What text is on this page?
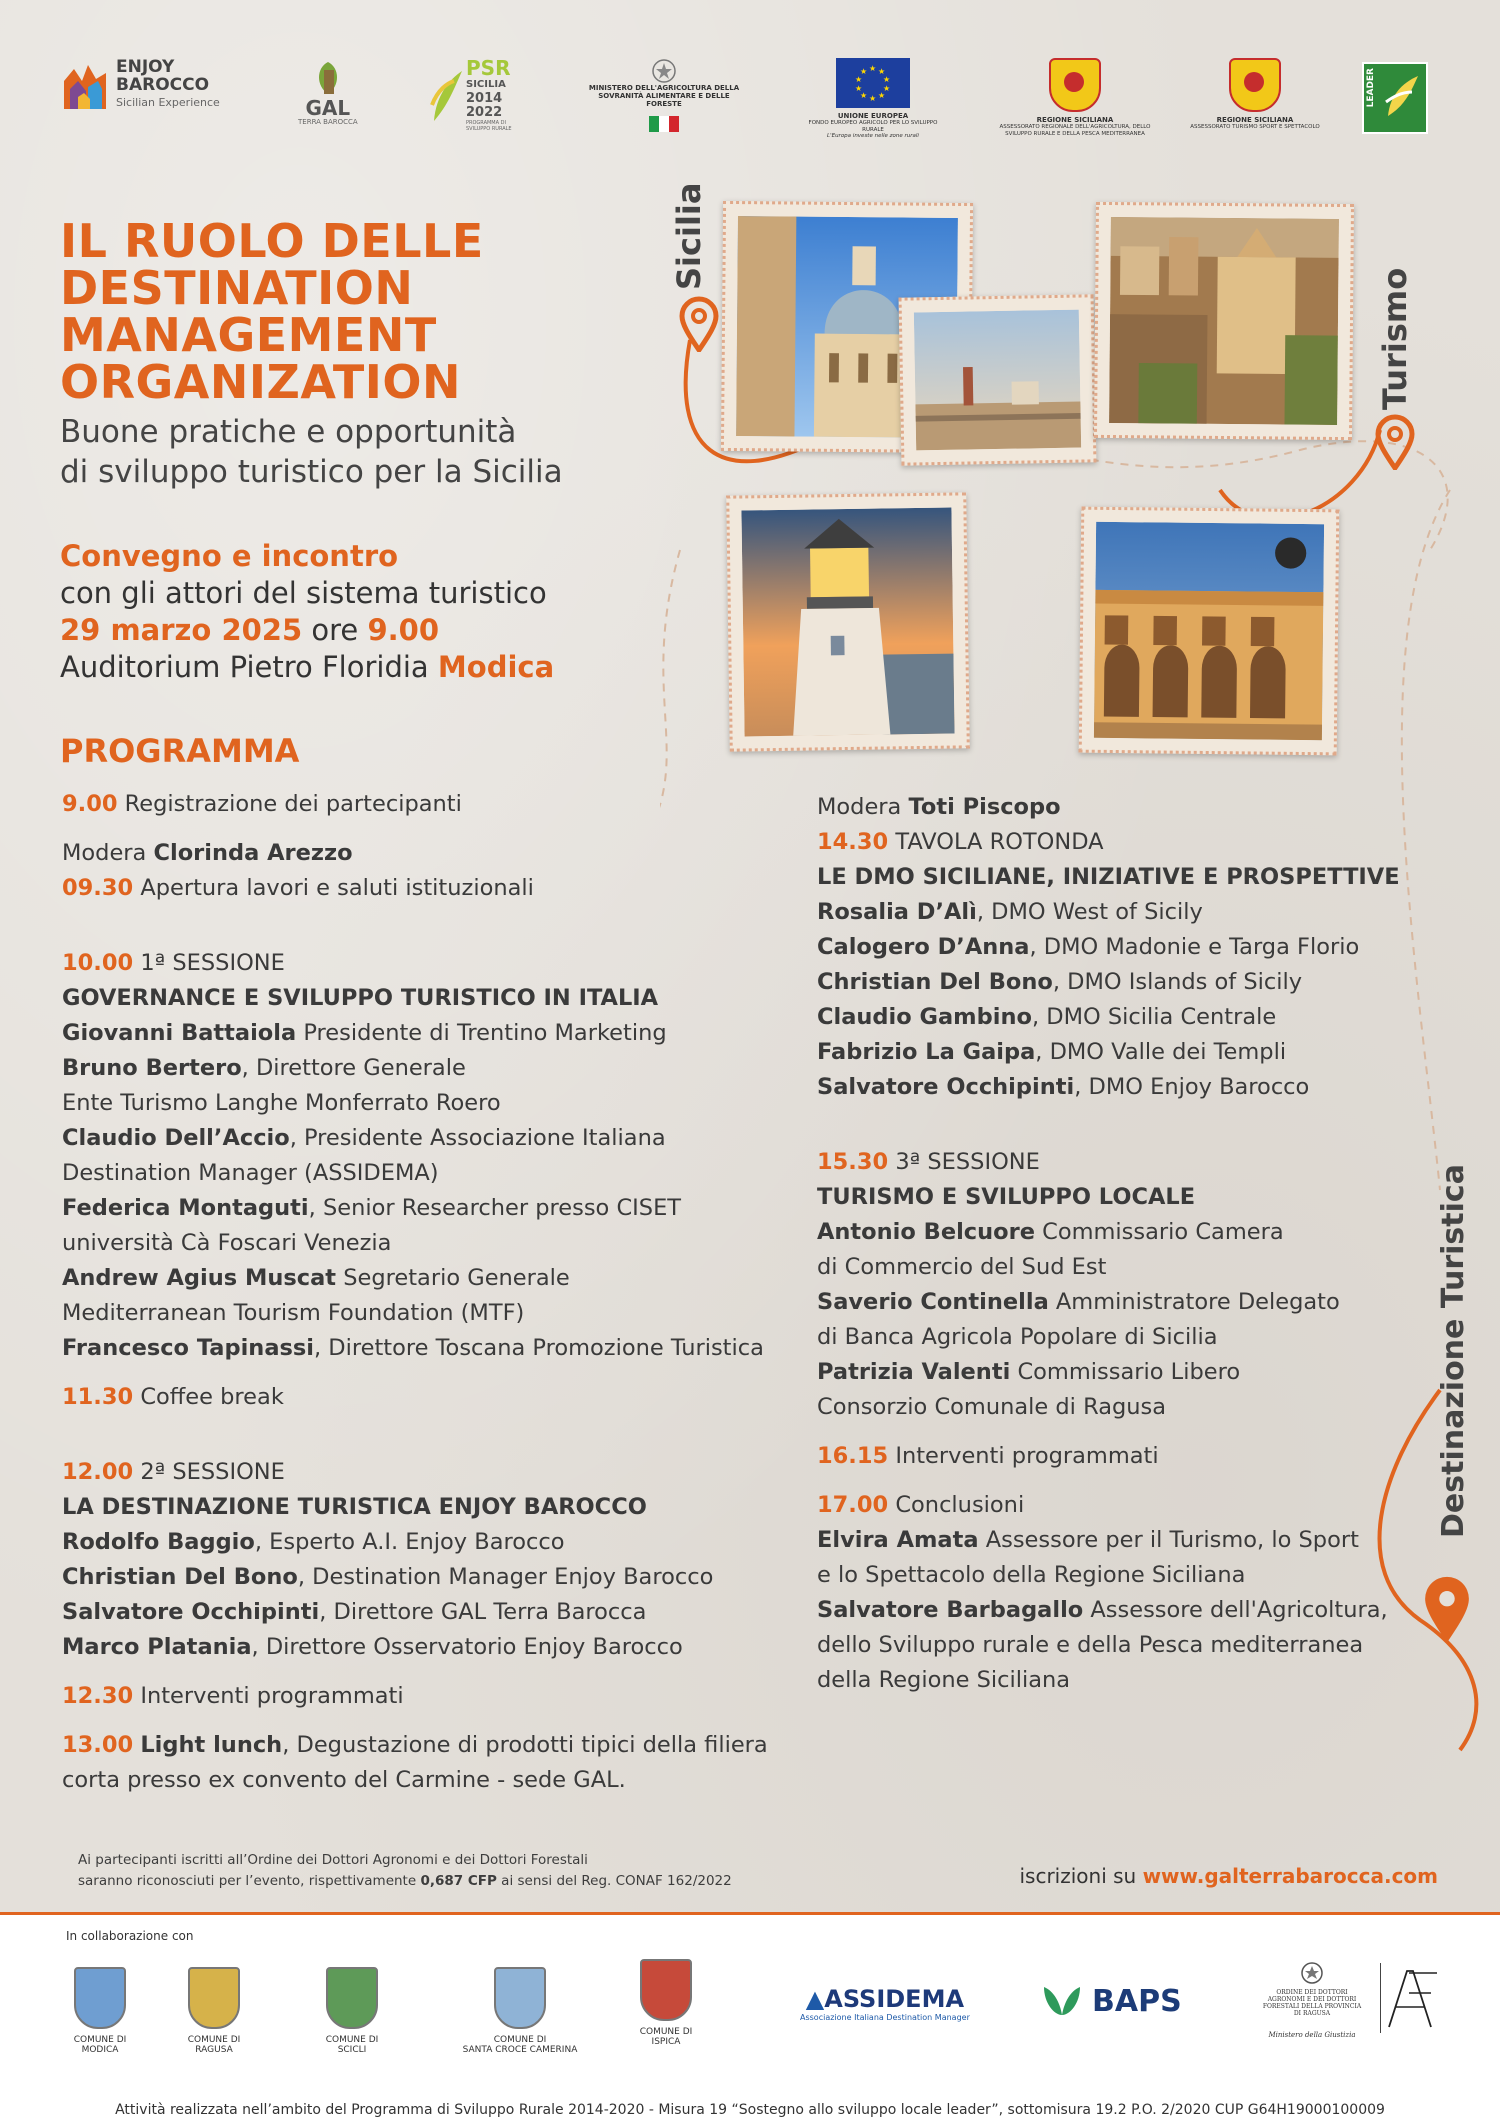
ENJOY
BAROCCO
Sicilian Experience	GAL
TERRA BAROCCA
PSR
SICILIA
2014
2022
PROGRAMMA DI SVILUPPO RURALE
MINISTERO DELL'AGRICOLTURA DELLA SOVRANITÀ ALIMENTARE E DELLE FORESTE
★ ★
★
★
★
★
★
★
★
★
UNIONE EUROPEA
FONDO EUROPEO AGRICOLO PER LO SVILUPPO RURALE
L'Europa investe nelle zone rurali
REGIONE SICILIANA
ASSESSORATO REGIONALE DELL'AGRICOLTURA, DELLO SVILUPPO RURALE E DELLA PESCA MEDITERRANEA
REGIONE SICILIANA
ASSESSORATO TURISMO SPORT E SPETTACOLO
LEADER
IL RUOLO DELLE
DESTINATION
MANAGEMENT
ORGANIZATION
Buone pratiche e opportunità
di sviluppo turistico per la Sicilia
Convegno e incontro
con gli attori del sistema turistico
29 marzo 2025 ore 9.00
Auditorium Pietro Floridia Modica
Sicilia
Turismo
Destinazione Turistica
PROGRAMMA
9.00 Registrazione dei partecipanti
Modera Clorinda Arezzo
09.30 Apertura lavori e saluti istituzionali
10.00 1ª SESSIONE
GOVERNANCE E SVILUPPO TURISTICO IN ITALIA
Giovanni Battaiola Presidente di Trentino Marketing
Bruno Bertero, Direttore Generale
Ente Turismo Langhe Monferrato Roero
Claudio Dell’Accio, Presidente Associazione Italiana
Destination Manager (ASSIDEMA)
Federica Montaguti, Senior Researcher presso CISET
università Cà Foscari Venezia
Andrew Agius Muscat Segretario Generale
Mediterranean Tourism Foundation (MTF)
Francesco Tapinassi, Direttore Toscana Promozione Turistica
11.30 Coffee break
12.00 2ª SESSIONE
LA DESTINAZIONE TURISTICA ENJOY BAROCCO
Rodolfo Baggio, Esperto A.I. Enjoy Barocco
Christian Del Bono, Destination Manager Enjoy Barocco
Salvatore Occhipinti, Direttore GAL Terra Barocca
Marco Platania, Direttore Osservatorio Enjoy Barocco
12.30 Interventi programmati
13.00 Light lunch, Degustazione di prodotti tipici della filiera
corta presso ex convento del Carmine - sede GAL.
Modera Toti Piscopo
14.30 TAVOLA ROTONDA
LE DMO SICILIANE, INIZIATIVE E PROSPETTIVE
Rosalia D’Alì, DMO West of Sicily
Calogero D’Anna, DMO Madonie e Targa Florio
Christian Del Bono, DMO Islands of Sicily
Claudio Gambino, DMO Sicilia Centrale
Fabrizio La Gaipa, DMO Valle dei Templi
Salvatore Occhipinti, DMO Enjoy Barocco
15.30 3ª SESSIONE
TURISMO E SVILUPPO LOCALE
Antonio Belcuore Commissario Camera
di Commercio del Sud Est
Saverio Continella Amministratore Delegato
di Banca Agricola Popolare di Sicilia
Patrizia Valenti Commissario Libero
Consorzio Comunale di Ragusa
16.15 Interventi programmati
17.00 Conclusioni
Elvira Amata Assessore per il Turismo, lo Sport
e lo Spettacolo della Regione Siciliana
Salvatore Barbagallo Assessore dell'Agricoltura,
dello Sviluppo rurale e della Pesca mediterranea
della Regione Siciliana
Ai partecipanti iscritti all’Ordine dei Dottori Agronomi e dei Dottori Forestali
saranno riconosciuti per l’evento, rispettivamente 0,687 CFP ai sensi del Reg. CONAF 162/2022	iscrizioni su www.galterrabarocca.com
In collaborazione con
COMUNE DI
MODICA
COMUNE DI
RAGUSA
COMUNE DI
SCICLI
COMUNE DI
SANTA CROCE CAMERINA
COMUNE DI
ISPICA
▲ASSIDEMA
Associazione Italiana Destination Manager	BAPS	ORDINE DEI DOTTORI AGRONOMI E DEI DOTTORI FORESTALI DELLA PROVINCIA DI RAGUSA
Ministero della Giustizia
Attività realizzata nell’ambito del Programma di Sviluppo Rurale 2014-2020 - Misura 19 “Sostegno allo sviluppo locale leader”, sottomisura 19.2 P.O. 2/2020 CUP G64H19000100009
